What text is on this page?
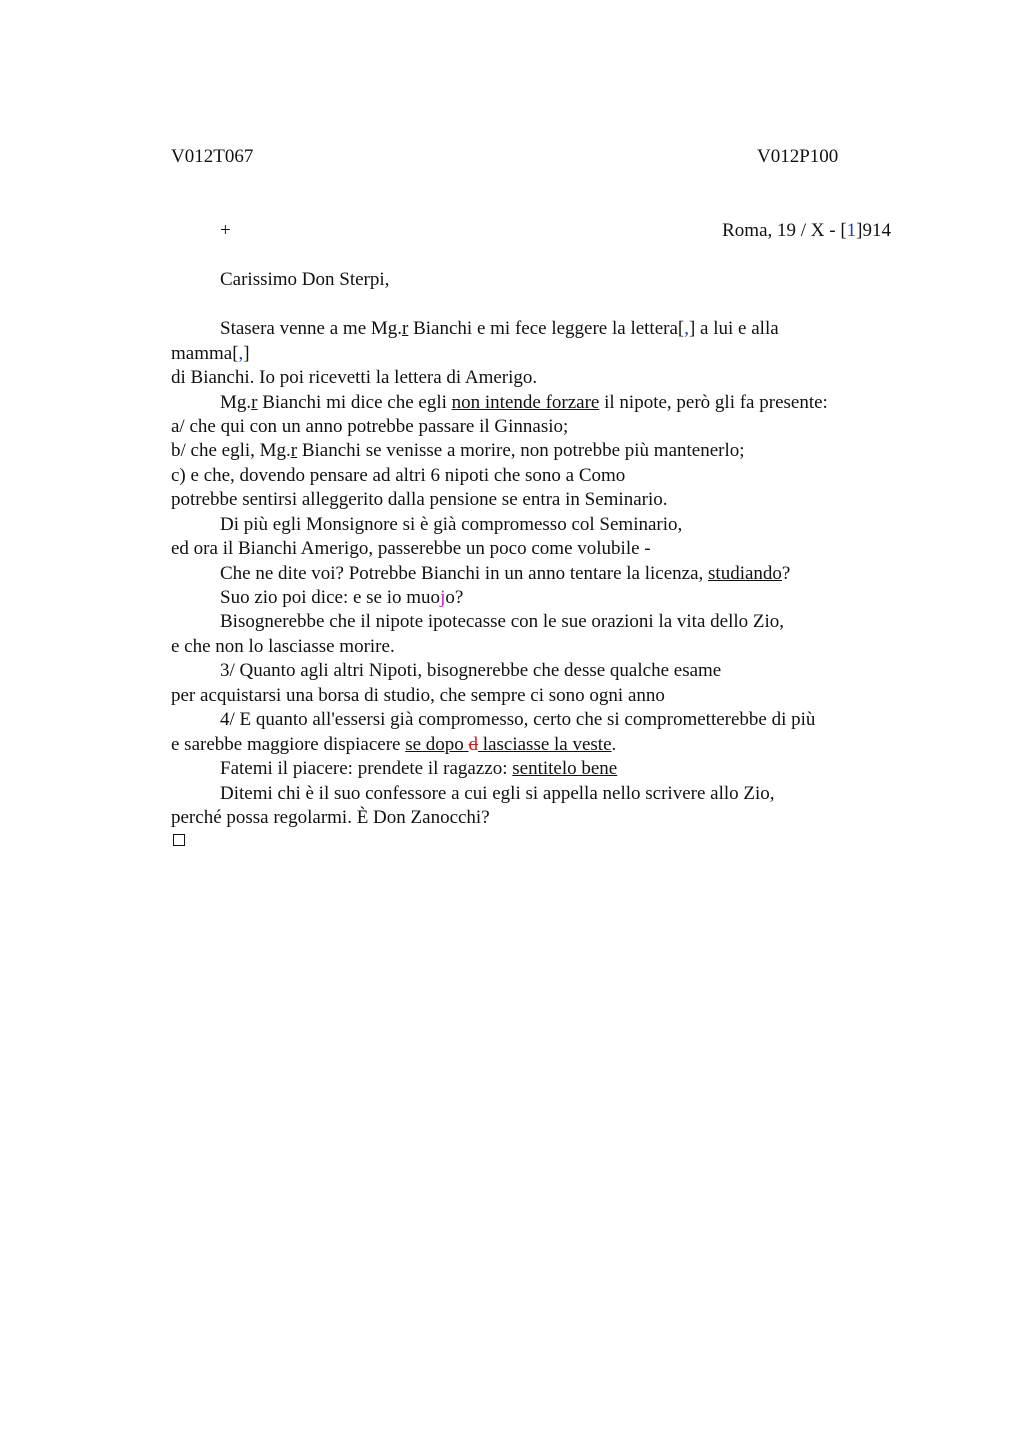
V012T067	V012P100
+	Roma, 19 / X - [1]914
Carissimo Don Sterpi,
Stasera venne a me Mg.r Bianchi e mi fece leggere la lettera[,] a lui e alla
mamma[,]
di Bianchi. Io poi ricevetti la lettera di Amerigo.
Mg.r Bianchi mi dice che egli non intende forzare il nipote, però gli fa presente:
a/ che qui con un anno potrebbe passare il Ginnasio;
b/ che egli, Mg.r Bianchi se venisse a morire, non potrebbe più mantenerlo;
c) e che, dovendo pensare ad altri 6 nipoti che sono a Como
potrebbe sentirsi alleggerito dalla pensione se entra in Seminario.
Di più egli Monsignore si è già compromesso col Seminario,
ed ora il Bianchi Amerigo, passerebbe un poco come volubile -
Che ne dite voi? Potrebbe Bianchi in un anno tentare la licenza, studiando?
Suo zio poi dice: e se io muojo?
Bisognerebbe che il nipote ipotecasse con le sue orazioni la vita dello Zio,
e che non lo lasciasse morire.
3/ Quanto agli altri Nipoti, bisognerebbe che desse qualche esame
per acquistarsi una borsa di studio, che sempre ci sono ogni anno
4/ E quanto all'essersi già compromesso, certo che si comprometterebbe di più
e sarebbe maggiore dispiacere se dopo d lasciasse la veste.
Fatemi il piacere: prendete il ragazzo: sentitelo bene
Ditemi chi è il suo confessore a cui egli si appella nello scrivere allo Zio,
perché possa regolarmi. È Don Zanocchi?
